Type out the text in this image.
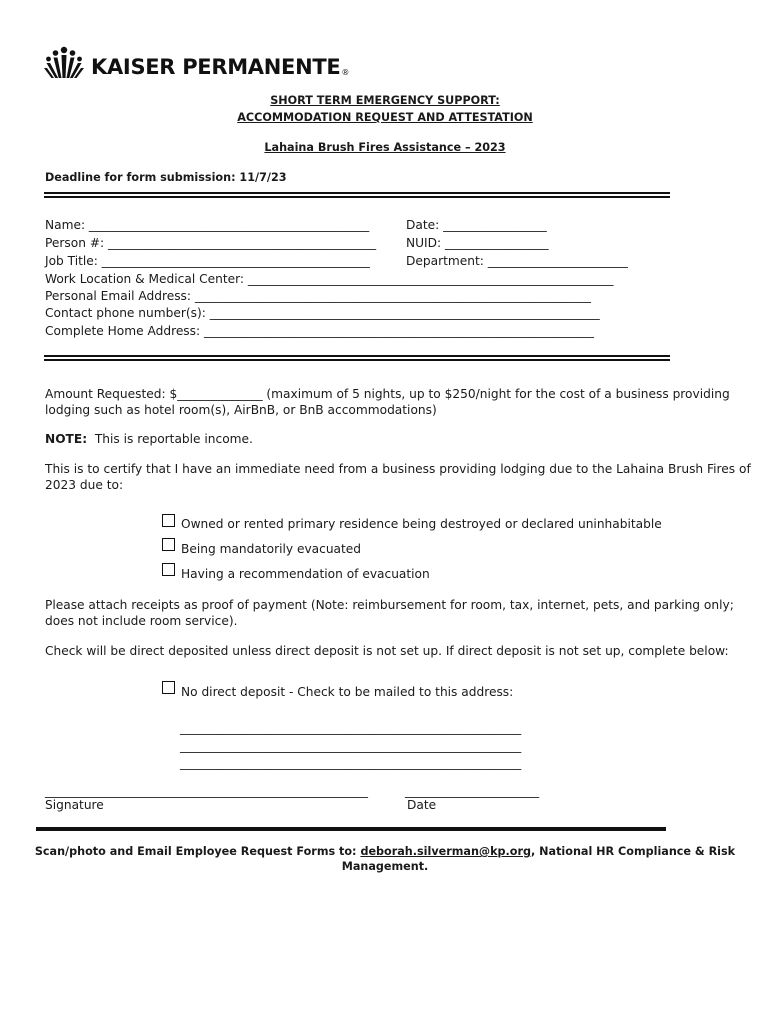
KAISER PERMANENTE®
SHORT TERM EMERGENCY SUPPORT:
ACCOMMODATION REQUEST AND ATTESTATION
Lahaina Brush Fires Assistance – 2023
Deadline for form submission: 11/7/23
Name: ______________________________________________	Date: _________________
Person #: ____________________________________________ NUID: _________________
Job Title: ____________________________________________	Department: _______________________
Work Location & Medical Center: ____________________________________________________________
Personal Email Address: _________________________________________________________________
Contact phone number(s): ________________________________________________________________
Complete Home Address: ________________________________________________________________
Amount Requested: $______________ (maximum of 5 nights, up to $250/night for the cost of a business providing
lodging such as hotel room(s), AirBnB, or BnB accommodations)
NOTE: This is reportable income.
This is to certify that I have an immediate need from a business providing lodging due to the Lahaina Brush Fires of
2023 due to:
Owned or rented primary residence being destroyed or declared uninhabitable
Being mandatorily evacuated
Having a recommendation of evacuation
Please attach receipts as proof of payment (Note: reimbursement for room, tax, internet, pets, and parking only;
does not include room service).
Check will be direct deposited unless direct deposit is not set up. If direct deposit is not set up, complete below:
No direct deposit - Check to be mailed to this address:
________________________________________________________
________________________________________________________
________________________________________________________
_____________________________________________________
Signature
______________________
Date
Scan/photo and Email Employee Request Forms to: deborah.silverman@kp.org, National HR Compliance & Risk
Management.
